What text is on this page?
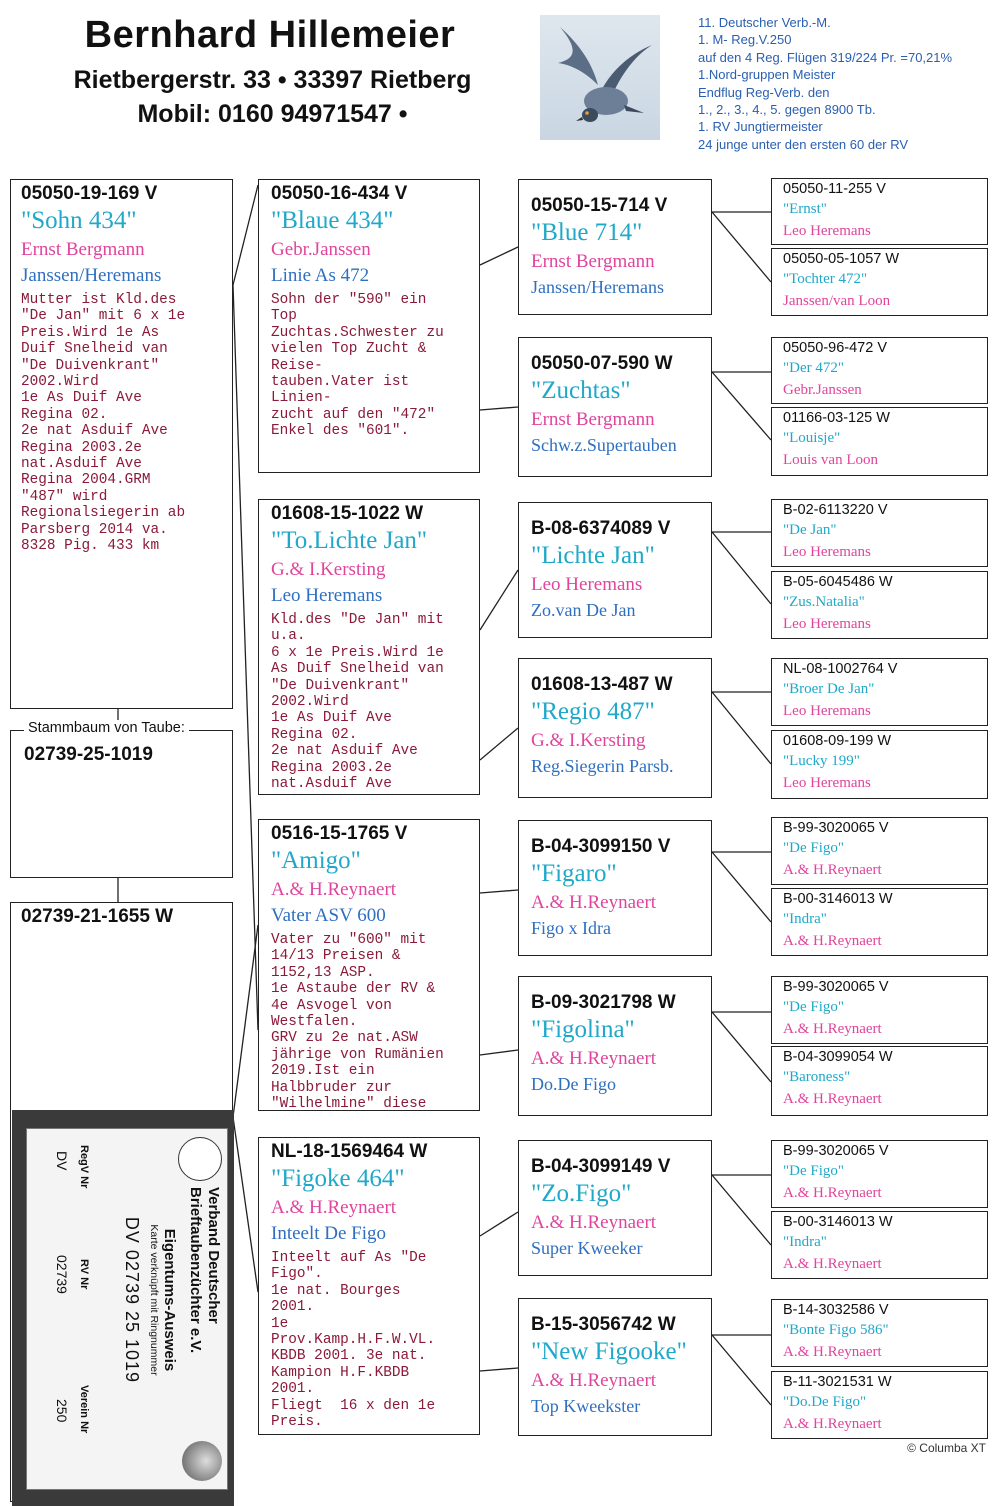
Bernhard Hillemeier
Rietbergerstr. 33 • 33397 Rietberg
Mobil: 0160 94971547 •
11. Deutscher Verb.-M.
1. M- Reg.V.250
auf den 4 Reg. Flügen 319/224 Pr. =70,21%
1.Nord-gruppen Meister
Endflug Reg-Verb. den
1., 2., 3., 4., 5. gegen 8900 Tb.
1. RV Jungtiermeister
24 junge unter den ersten 60 der RV
05050-19-169 V
"Sohn 434"
Ernst Bergmann
Janssen/Heremans
Mutter ist Kld.des
"De Jan" mit 6 x 1e
Preis.Wird 1e As
Duif Snelheid van
"De Duivenkrant"
2002.Wird
1e As Duif Ave
Regina 02.
2e nat Asduif Ave
Regina 2003.2e
nat.Asduif Ave
Regina 2004.GRM
"487" wird
Regionalsiegerin ab
Parsberg 2014 va.
8328 Pig. 433 km
Stammbaum von Taube:
02739-25-1019
02739-21-1655 W
05050-16-434 V
"Blaue 434"
Gebr.Janssen
Linie As 472
Sohn der "590" ein
Top
Zuchtas.Schwester zu
vielen Top Zucht &
Reise-
tauben.Vater ist
Linien-
zucht auf den "472"
Enkel des "601".
01608-15-1022 W
"To.Lichte Jan"
G.& I.Kersting
Leo Heremans
Kld.des "De Jan" mit
u.a.
6 x 1e Preis.Wird 1e
As Duif Snelheid van
"De Duivenkrant"
2002.Wird
1e As Duif Ave
Regina 02.
2e nat Asduif Ave
Regina 2003.2e
nat.Asduif Ave
0516-15-1765 V
"Amigo"
A.& H.Reynaert
Vater ASV 600
Vater zu "600" mit
14/13 Preisen &
1152,13 ASP.
1e Astaube der RV &
4e Asvogel von
Westfalen.
GRV zu 2e nat.ASW
jährige von Rumänien
2019.Ist ein
Halbbruder zur
"Wilhelmine" diese
NL-18-1569464 W
"Figoke 464"
A.& H.Reynaert
Inteelt De Figo
Inteelt auf As "De
Figo".
1e nat. Bourges
2001.
1e
Prov.Kamp.H.F.W.VL.
KBDB 2001. 3e nat.
Kampion H.F.KBDB
2001.
Fliegt  16 x den 1e
Preis.
05050-15-714 V
"Blue 714"
Ernst Bergmann
Janssen/Heremans
05050-07-590 W
"Zuchtas"
Ernst Bergmann
Schw.z.Supertauben
B-08-6374089 V
"Lichte Jan"
Leo Heremans
Zo.van De Jan
01608-13-487 W
"Regio 487"
G.& I.Kersting
Reg.Siegerin Parsb.
B-04-3099150 V
"Figaro"
A.& H.Reynaert
Figo x Idra
B-09-3021798 W
"Figolina"
A.& H.Reynaert
Do.De Figo
B-04-3099149 V
"Zo.Figo"
A.& H.Reynaert
Super Kweeker
B-15-3056742 W
"New Figooke"
A.& H.Reynaert
Top Kweekster
05050-11-255 V
"Ernst"
Leo Heremans
05050-05-1057 W
"Tochter 472"
Janssen/van Loon
05050-96-472 V
"Der 472"
Gebr.Janssen
01166-03-125 W
"Louisje"
Louis van Loon
B-02-6113220 V
"De Jan"
Leo Heremans
B-05-6045486 W
"Zus.Natalia"
Leo Heremans
NL-08-1002764 V
"Broer De Jan"
Leo Heremans
01608-09-199 W
"Lucky 199"
Leo Heremans
B-99-3020065 V
"De Figo"
A.& H.Reynaert
B-00-3146013 W
"Indra"
A.& H.Reynaert
B-99-3020065 V
"De Figo"
A.& H.Reynaert
B-04-3099054 W
"Baroness"
A.& H.Reynaert
B-99-3020065 V
"De Figo"
A.& H.Reynaert
B-00-3146013 W
"Indra"
A.& H.Reynaert
B-14-3032586 V
"Bonte Figo 586"
A.& H.Reynaert
B-11-3021531 W
"Do.De Figo"
A.& H.Reynaert
Verband Deutscher
Brieftaubenzüchter e.V.
Eigentums-Ausweis
Karte verknüpft mit Ringnummer
DV 02739 25 1019
RegV Nr
DV
RV Nr
02739
Verein Nr
250
© Columba XT
